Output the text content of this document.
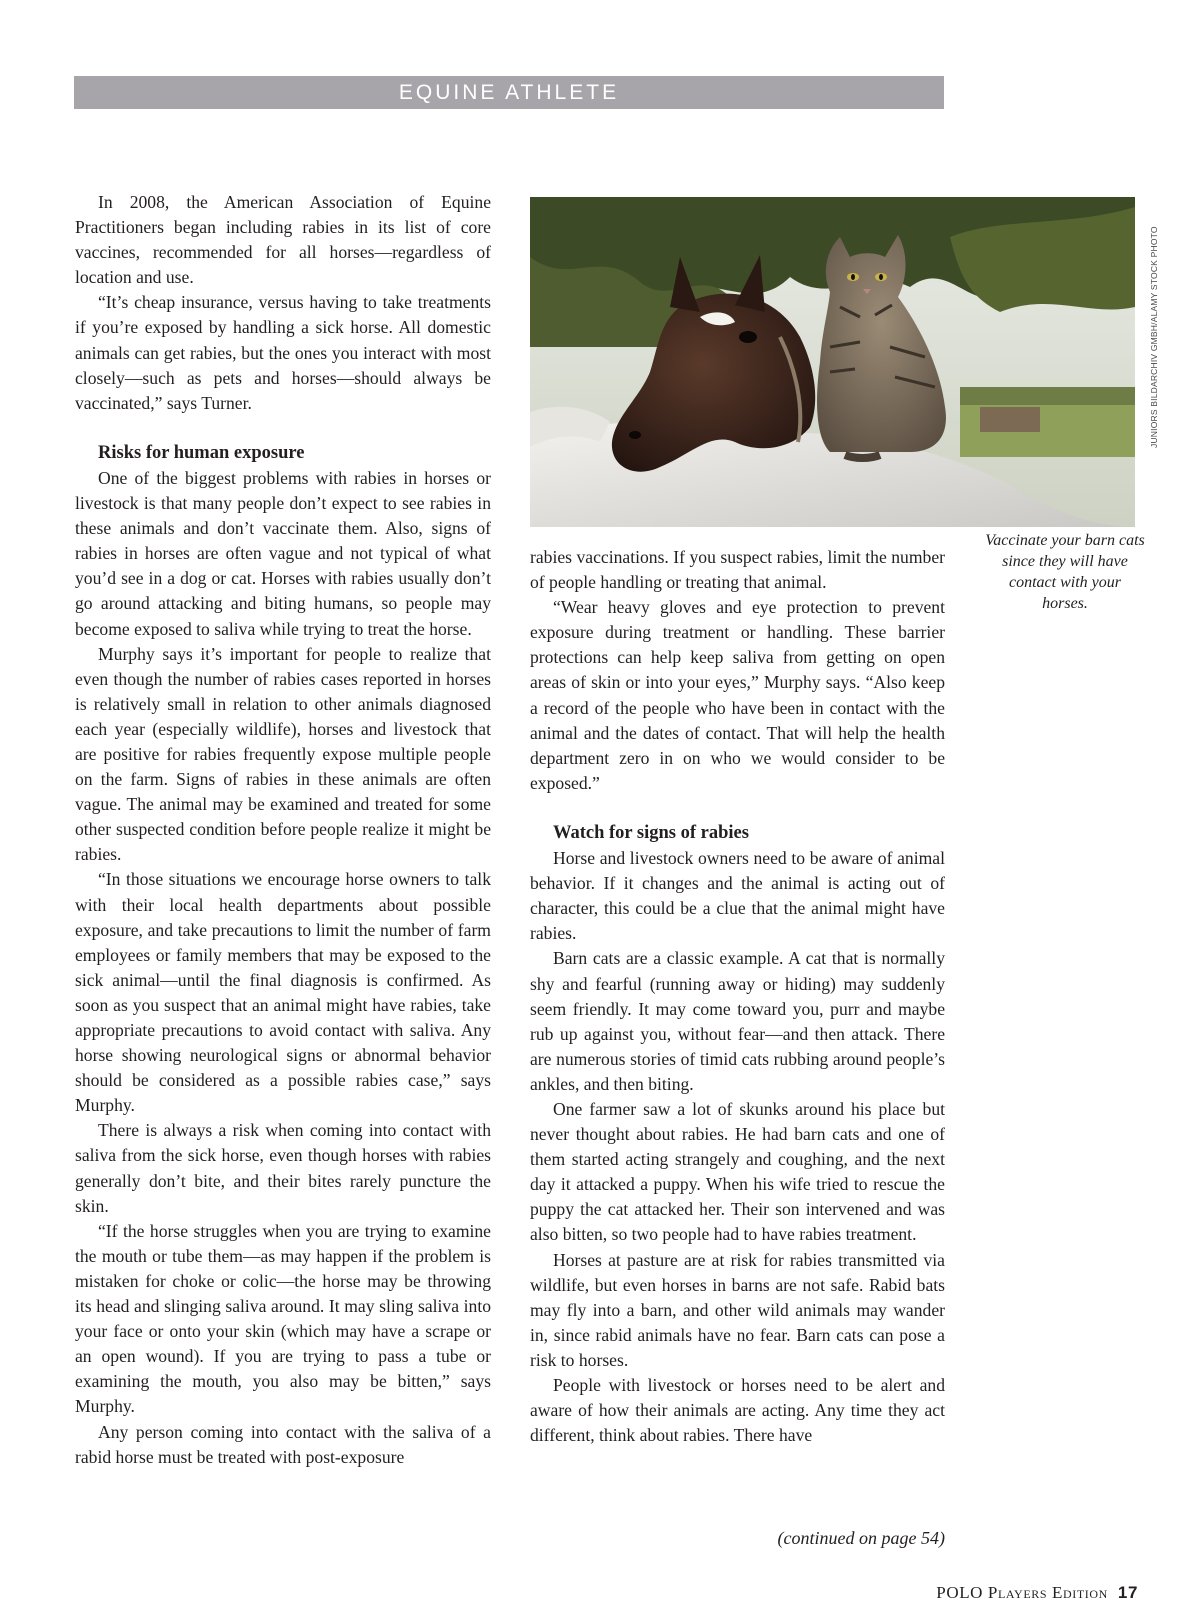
EQUINE ATHLETE

In 2008, the American Association of Equine Practitioners began including rabies in its list of core vaccines, recommended for all horses—regardless of location and use.

“It’s cheap insurance, versus having to take treatments if you’re exposed by handling a sick horse. All domestic animals can get rabies, but the ones you interact with most closely—such as pets and horses—should always be vaccinated,” says Turner.

Risks for human exposure

One of the biggest problems with rabies in horses or livestock is that many people don’t expect to see rabies in these animals and don’t vaccinate them. Also, signs of rabies in horses are often vague and not typical of what you’d see in a dog or cat. Horses with rabies usually don’t go around attacking and biting humans, so people may become exposed to saliva while trying to treat the horse.

Murphy says it’s important for people to realize that even though the number of rabies cases reported in horses is relatively small in relation to other animals diagnosed each year (especially wildlife), horses and livestock that are positive for rabies frequently expose multiple people on the farm. Signs of rabies in these animals are often vague. The animal may be examined and treated for some other suspected condition before people realize it might be rabies.

“In those situations we encourage horse owners to talk with their local health departments about possible exposure, and take precautions to limit the number of farm employees or family members that may be exposed to the sick animal—until the final diagnosis is confirmed. As soon as you suspect that an animal might have rabies, take appropriate precautions to avoid contact with saliva. Any horse showing neurological signs or abnormal behavior should be considered as a possible rabies case,” says Murphy.

There is always a risk when coming into contact with saliva from the sick horse, even though horses with rabies generally don’t bite, and their bites rarely puncture the skin.

“If the horse struggles when you are trying to examine the mouth or tube them—as may happen if the problem is mistaken for choke or colic—the horse may be throwing its head and slinging saliva around. It may sling saliva into your face or onto your skin (which may have a scrape or an open wound). If you are trying to pass a tube or examining the mouth, you also may be bitten,” says Murphy.

Any person coming into contact with the saliva of a rabid horse must be treated with post-exposure

JUNIORS BILDARCHIV GMBH/ALAMY STOCK PHOTO
Vaccinate your barn cats since they will have contact with your horses.

rabies vaccinations. If you suspect rabies, limit the number of people handling or treating that animal.

“Wear heavy gloves and eye protection to prevent exposure during treatment or handling. These barrier protections can help keep saliva from getting on open areas of skin or into your eyes,” Murphy says. “Also keep a record of the people who have been in contact with the animal and the dates of contact. That will help the health department zero in on who we would consider to be exposed.”

Watch for signs of rabies

Horse and livestock owners need to be aware of animal behavior. If it changes and the animal is acting out of character, this could be a clue that the animal might have rabies.

Barn cats are a classic example. A cat that is normally shy and fearful (running away or hiding) may suddenly seem friendly. It may come toward you, purr and maybe rub up against you, without fear—and then attack. There are numerous stories of timid cats rubbing around people’s ankles, and then biting.

One farmer saw a lot of skunks around his place but never thought about rabies. He had barn cats and one of them started acting strangely and coughing, and the next day it attacked a puppy. When his wife tried to rescue the puppy the cat attacked her. Their son intervened and was also bitten, so two people had to have rabies treatment.

Horses at pasture are at risk for rabies transmitted via wildlife, but even horses in barns are not safe. Rabid bats may fly into a barn, and other wild animals may wander in, since rabid animals have no fear. Barn cats can pose a risk to horses.

People with livestock or horses need to be alert and aware of how their animals are acting. Any time they act different, think about rabies. There have

(continued on page 54)
POLO Players Edition 17
